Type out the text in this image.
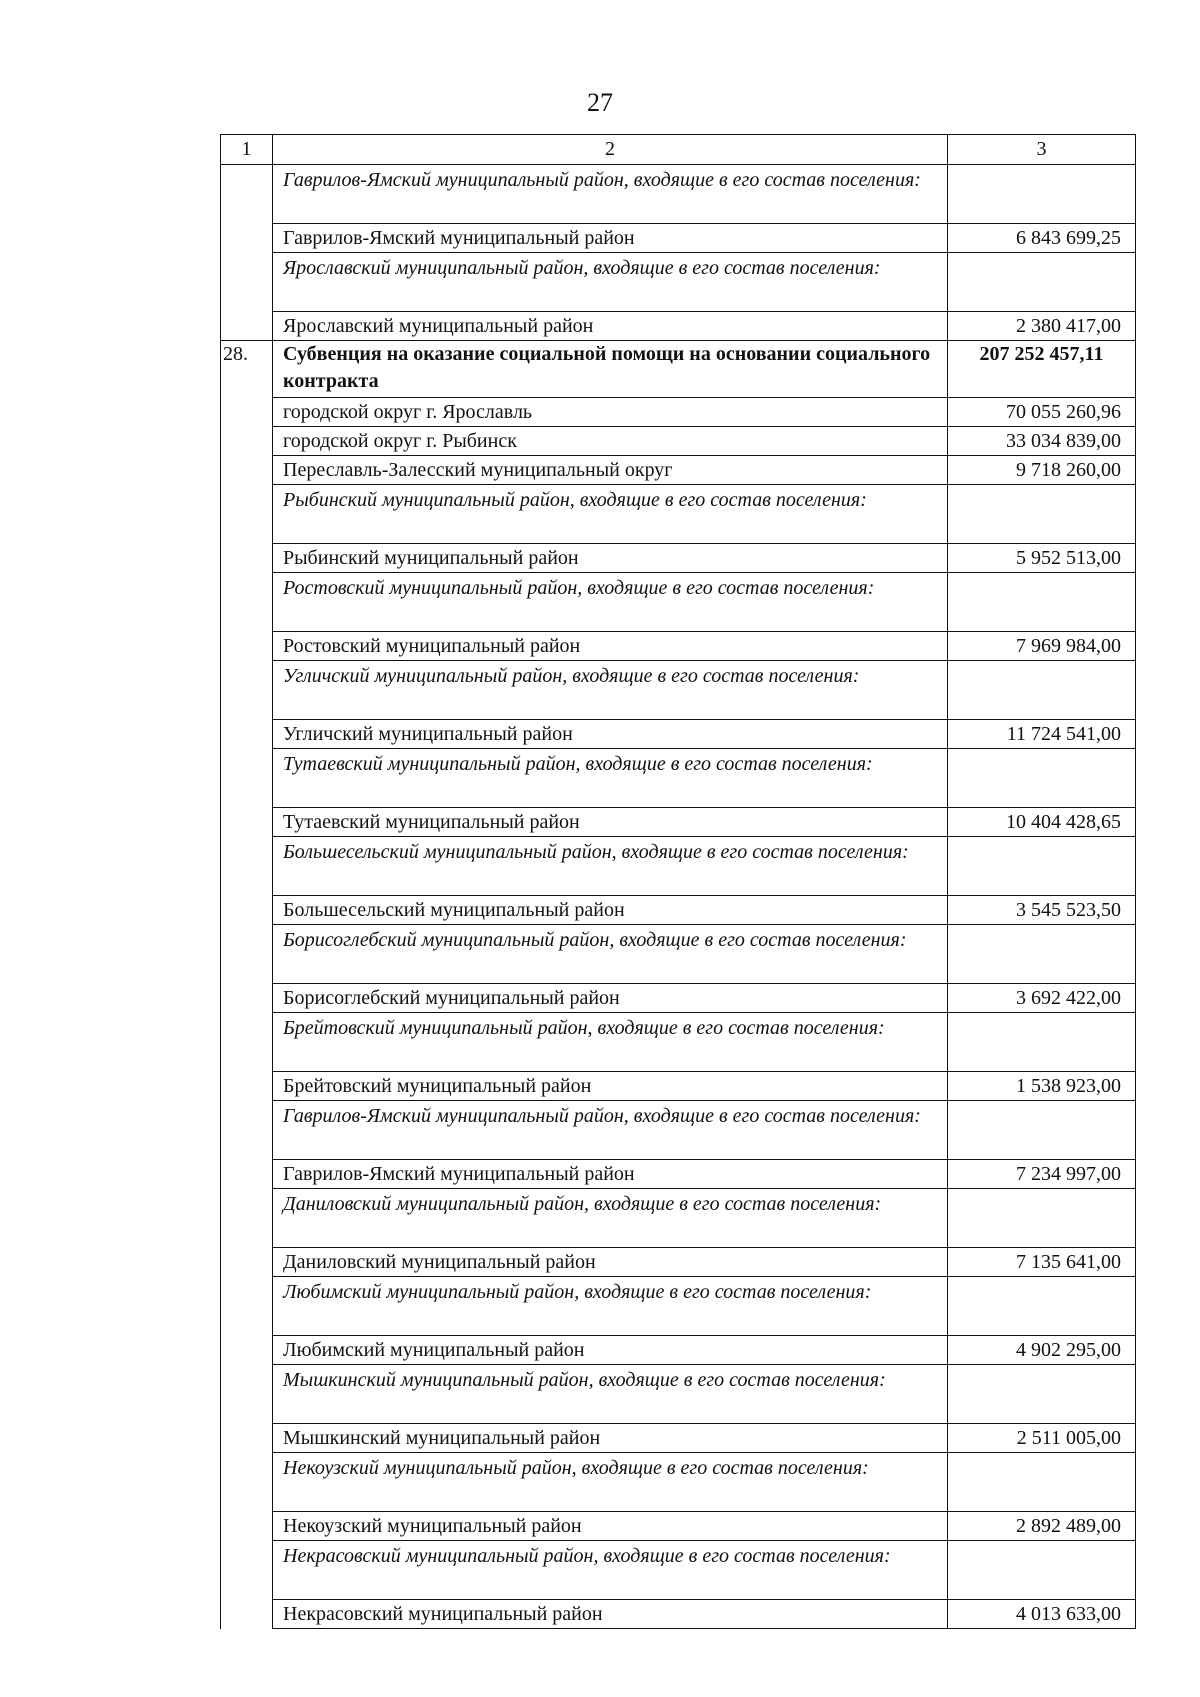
27
1	2	3
	Гаврилов-Ямский муниципальный район, входящие в его состав поселения:	
	Гаврилов-Ямский муниципальный район	6 843 699,25
	Ярославский муниципальный район, входящие в его состав поселения:	
	Ярославский муниципальный район	2 380 417,00
28.	Субвенция на оказание социальной помощи на основании социального контракта	207 252 457,11
	городской округ г. Ярославль	70 055 260,96
	городской округ г. Рыбинск	33 034 839,00
	Переславль-Залесский муниципальный округ	9 718 260,00
	Рыбинский муниципальный район, входящие в его состав поселения:	
	Рыбинский муниципальный район	5 952 513,00
	Ростовский муниципальный район, входящие в его состав поселения:	
	Ростовский муниципальный район	7 969 984,00
	Угличский муниципальный район, входящие в его состав поселения:	
	Угличский муниципальный район	11 724 541,00
	Тутаевский муниципальный район, входящие в его состав поселения:	
	Тутаевский муниципальный район	10 404 428,65
	Большесельский муниципальный район, входящие в его состав поселения:	
	Большесельский муниципальный район	3 545 523,50
	Борисоглебский муниципальный район, входящие в его состав поселения:	
	Борисоглебский муниципальный район	3 692 422,00
	Брейтовский муниципальный район, входящие в его состав поселения:	
	Брейтовский муниципальный район	1 538 923,00
	Гаврилов-Ямский муниципальный район, входящие в его состав поселения:	
	Гаврилов-Ямский муниципальный район	7 234 997,00
	Даниловский муниципальный район, входящие в его состав поселения:	
	Даниловский муниципальный район	7 135 641,00
	Любимский муниципальный район, входящие в его состав поселения:	
	Любимский муниципальный район	4 902 295,00
	Мышкинский муниципальный район, входящие в его состав поселения:	
	Мышкинский муниципальный район	2 511 005,00
	Некоузский муниципальный район, входящие в его состав поселения:	
	Некоузский муниципальный район	2 892 489,00
	Некрасовский муниципальный район, входящие в его состав поселения:	
	Некрасовский муниципальный район	4 013 633,00
